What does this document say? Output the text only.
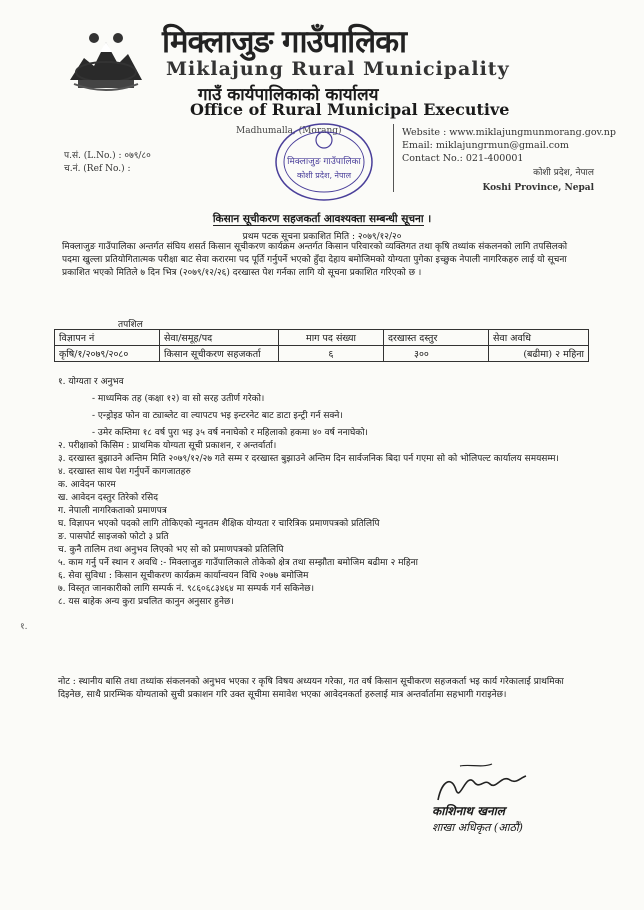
मिक्लाजुङ गाउँपालिका
Miklajung Rural Municipality
गाउँ कार्यपालिकाको कार्यालय
Office of Rural Municipal Executive
Madhumalla, (Morang)
मिक्लाजुङ गाउँपालिका
कोशी प्रदेश, नेपाल
Website : www.miklajungmunmorang.gov.np
Email: miklajungrmun@gmail.com
Contact No.: 021-400001
कोशी प्रदेश, नेपाल
Koshi Province, Nepal
प.सं. (L.No.) : ०७९/८०
च.नं. (Ref No.) :
किसान सूचीकरण सहजकर्ता आवश्यक्ता सम्बन्धी सूचना ।
प्रथम पटक सूचना प्रकाशित मिति : २०७९/१२/२०
मिक्लाजुङ गाउँपालिका अन्तर्गत संघिय शसर्त किसान सूचीकरण कार्यक्रम अन्तर्गत किसान परिवारको व्यक्तिगत तथा कृषि तथ्यांक संकलनको लागि तपसिलको पदमा खुल्ला प्रतियोगितात्मक परीक्षा बाट सेवा करारमा पद पूर्ति गर्नुपर्ने भएको हुँदा देहाय बमोजिमको योग्यता पुगेका इच्छुक नेपाली नागरिकहरु लाई यो सूचना प्रकाशित भएको मितिले ७ दिन भित्र (२०७९/१२/२६) दरखास्त पेश गर्नका लागि यो सूचना प्रकाशित गरिएको छ ।
तपशिल
विज्ञापन नं	सेवा/समूह/पद	माग पद संख्या	दरखास्त दस्तुर	सेवा अवधि
कृषि/१/२०७९/२०८०	किसान सूचीकरण सहजकर्ता	६	३००	(बढीमा) २ महिना
१. योग्यता र अनुभव
- माध्यमिक तह (कक्षा १२) वा सो सरह उतीर्ण गरेको।
- एन्ड्रोइड फोन वा ट्याब्लेट वा ल्यापटप भइ इन्टरनेट बाट डाटा इन्ट्री गर्न सक्ने।
- उमेर कम्तिमा १८ वर्ष पुरा भइ ३५ वर्ष ननाघेको र महिलाको हकमा ४० वर्ष ननाघेको।
२. परीक्षाको किसिम : प्राथमिक योग्यता सूची प्रकाशन, र अन्तर्वार्ता।
३. दरखास्त बुझाउने अन्तिम मिति २०७९/१२/२७ गते सम्म र दरखास्त बुझाउने अन्तिम दिन सार्वजनिक बिदा पर्न गएमा सो को भोलिपल्ट कार्यालय समयसम्म।
४. दरखास्त साथ पेश गर्नुपर्ने कागजातहरु
क. आवेदन फारम
ख. आवेदन दस्तुर तिरेको रसिद
ग. नेपाली नागरिकताको प्रमाणपत्र
घ. विज्ञापन भएको पदको लागि तोकिएको न्युनतम शैक्षिक योग्यता र चारित्रिक प्रमाणपत्रको प्रतिलिपि
ङ. पासपोर्ट साइजको फोटो ३ प्रति
च. कुनै तालिम तथा अनुभव लिएको भए सो को प्रमाणपत्रको प्रतिलिपि
५. काम गर्नु पर्ने स्थान र अवधि :- मिक्लाजुङ गाउँपालिकाले तोकेको क्षेत्र तथा सम्झौता बमोजिम बढीमा २ महिना
६. सेवा सुविधा : किसान सूचीकरण कार्यक्रम कार्यान्वयन विधि २०७७ बमोजिम
७. विस्तृत जानकारीको लागि सम्पर्क नं. ९८६०६८३४६४ मा सम्पर्क गर्न सकिनेछ।
८. यस बाहेक अन्य कुरा प्रचलित कानुन अनुसार हुनेछ।
१.
नोट : स्थानीय बासि तथा तथ्यांक संकलनको अनुभव भएका र कृषि विषय अध्ययन गरेका, गत वर्ष किसान सूचीकरण सहजकर्ता भइ कार्य गरेकालाई प्राथमिका दिइनेछ, साथै प्रारम्भिक योग्यताको सुची प्रकाशन गरि उक्त सूचीमा समावेश भएका आवेदनकर्ता हरुलाई मात्र अन्तर्वार्तामा सहभागी गराइनेछ।
काशिनाथ खनाल
शाखा अधिकृत (आठौं)
